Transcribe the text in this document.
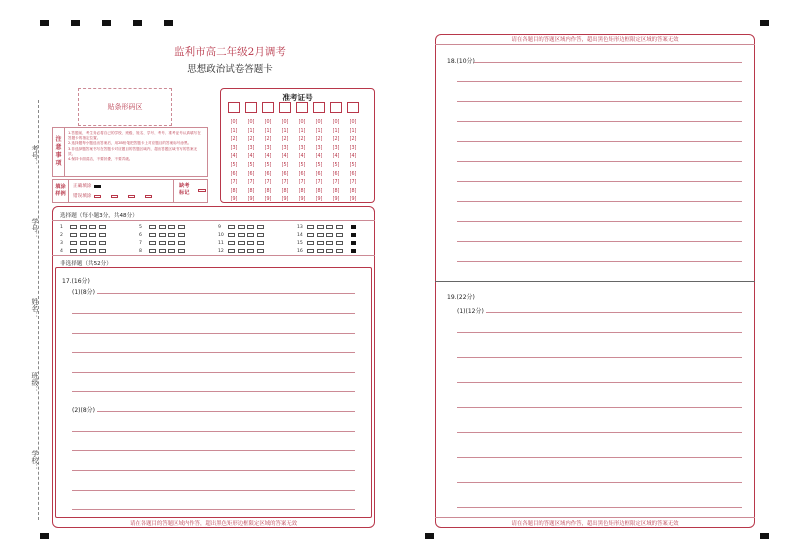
考号：
学号：
姓名：
班级：
学校：
监利市高二年级2月调考
思想政治试卷答题卡
贴条形码区
注
意
事
项
1.答题前，考生务必将自己的学校、班级、姓名、学号、考号、准考证号认真填写在答题卡的指定位置。
2.选择题每小题选出答案后，用2B铅笔把答题卡上对应题目的答案标号涂黑。
3.非选择题答案书写在答题卡对应题目的答题区域内，超出答题区域书写的答案无效。
4.保持卡面清洁，不要折叠，不要弄破。
填涂
样例
正确填涂
错误填涂
缺考
标记
准考证号
[0]
[1]
[2]
[3]
[4]
[5]
[6]
[7]
[8]
[9]
[0]
[1]
[2]
[3]
[4]
[5]
[6]
[7]
[8]
[9]
[0]
[1]
[2]
[3]
[4]
[5]
[6]
[7]
[8]
[9]
[0]
[1]
[2]
[3]
[4]
[5]
[6]
[7]
[8]
[9]
[0]
[1]
[2]
[3]
[4]
[5]
[6]
[7]
[8]
[9]
[0]
[1]
[2]
[3]
[4]
[5]
[6]
[7]
[8]
[9]
[0]
[1]
[2]
[3]
[4]
[5]
[6]
[7]
[8]
[9]
[0]
[1]
[2]
[3]
[4]
[5]
[6]
[7]
[8]
[9]
选择题（每小题3分，共48分）
1
2
3
4
5
6
7
8
9
10
11
12
13
14
15
16
非选择题（共52分）
17.(16分)
(1)(8分)
(2)(8分)
请在各题目的答题区域内作答，超出黑色矩形边框限定区域的答案无效
请在各题目的答题区域内作答，超出黑色矩形边框限定区域的答案无效
18.(10分)
19.(22分)
(1)(12分)
请在各题目的答题区域内作答，超出黑色矩形边框限定区域的答案无效
